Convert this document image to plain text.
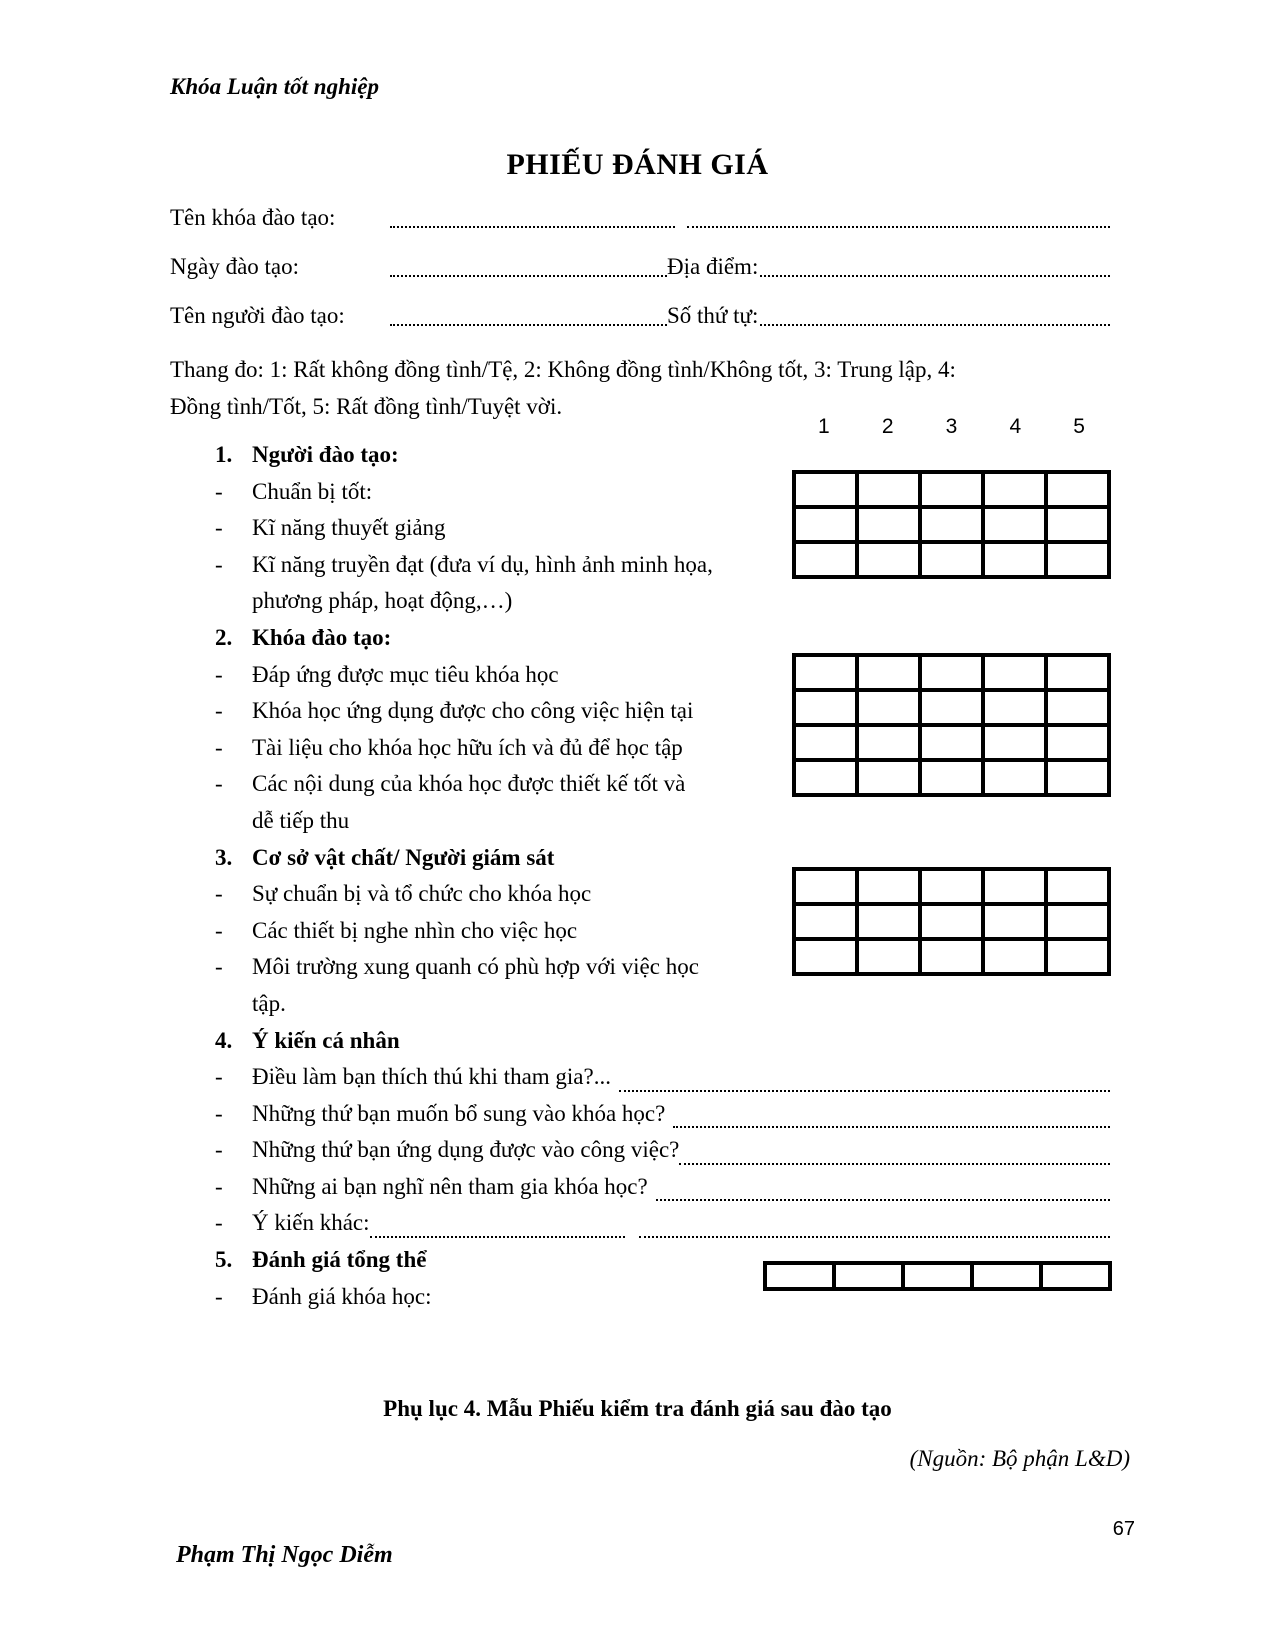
Khóa Luận tốt nghiệp
PHIẾU ĐÁNH GIÁ
Tên khóa đào tạo:
Ngày đào tạo:	Địa điểm:
Tên người đào tạo:	Số thứ tự:
Thang đo: 1: Rất không đồng tình/Tệ, 2: Không đồng tình/Không tốt, 3: Trung lập, 4:
Đồng tình/Tốt, 5: Rất đồng tình/Tuyệt vời.
1	2	3	4	5
1. Người đào tạo:
-	Chuẩn bị tốt:
-	Kĩ năng thuyết giảng
-	Kĩ năng truyền đạt (đưa ví dụ, hình ảnh minh họa,
phương pháp, hoạt động,…)
2. Khóa đào tạo:
-	Đáp ứng được mục tiêu khóa học
-	Khóa học ứng dụng được cho công việc hiện tại
-	Tài liệu cho khóa học hữu ích và đủ để học tập
-	Các nội dung của khóa học được thiết kế tốt và
dễ tiếp thu
3. Cơ sở vật chất/ Người giám sát
-	Sự chuẩn bị và tổ chức cho khóa học
-	Các thiết bị nghe nhìn cho việc học
-	Môi trường xung quanh có phù hợp với việc học
tập.
4. Ý kiến cá nhân
-	Điều làm bạn thích thú khi tham gia?...
-	Những thứ bạn muốn bổ sung vào khóa học?
-	Những thứ bạn ứng dụng được vào công việc?
-	Những ai bạn nghĩ nên tham gia khóa học?
-	Ý kiến khác:
5. Đánh giá tổng thể
-	Đánh giá khóa học:

Phụ lục 4. Mẫu Phiếu kiểm tra đánh giá sau đào tạo
(Nguồn: Bộ phận L&D)
67
Phạm Thị Ngọc Diễm
